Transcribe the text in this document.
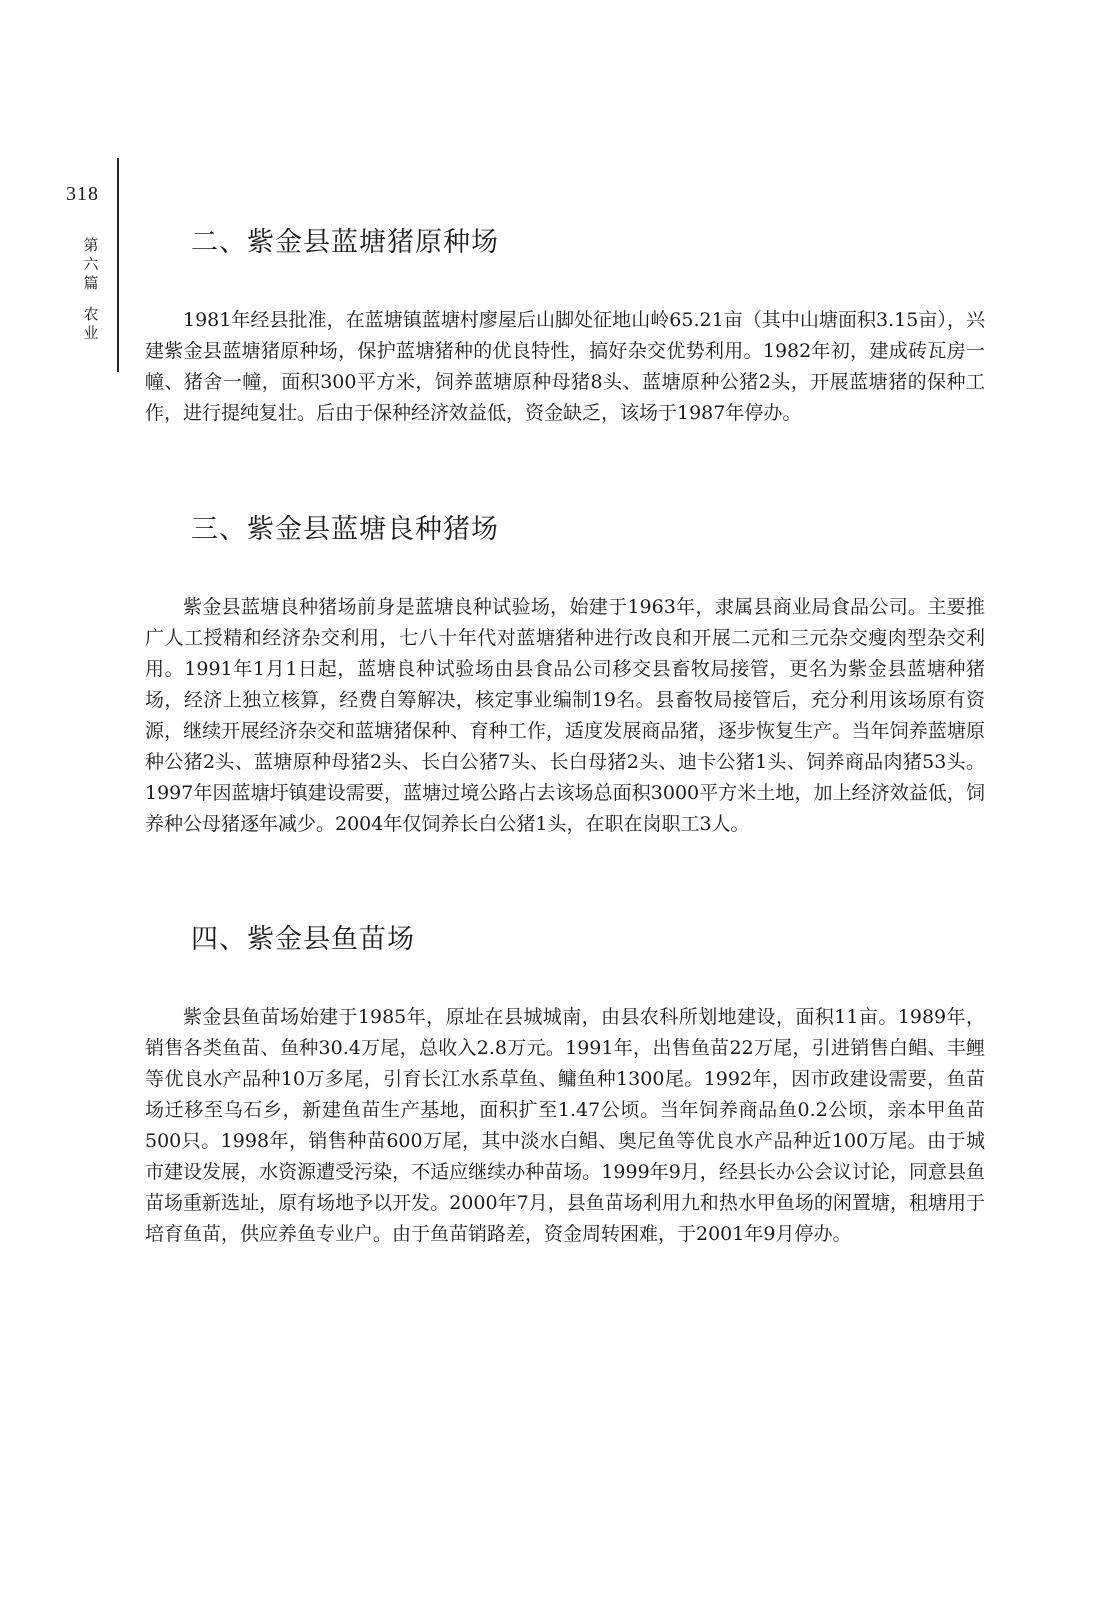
318
第
六
篇
农
业
二、紫金县蓝塘猪原种场

1981年经县批准，在蓝塘镇蓝塘村廖屋后山脚处征地山岭65.21亩（其中山塘面积3.15亩），兴建紫金县蓝塘猪原种场，保护蓝塘猪种的优良特性，搞好杂交优势利用。1982年初，建成砖瓦房一幢、猪舍一幢，面积300平方米，饲养蓝塘原种母猪8头、蓝塘原种公猪2头，开展蓝塘猪的保种工作，进行提纯复壮。后由于保种经济效益低，资金缺乏，该场于1987年停办。

三、紫金县蓝塘良种猪场

紫金县蓝塘良种猪场前身是蓝塘良种试验场，始建于1963年，隶属县商业局食品公司。主要推广人工授精和经济杂交利用，七八十年代对蓝塘猪种进行改良和开展二元和三元杂交瘦肉型杂交利用。1991年1月1日起，蓝塘良种试验场由县食品公司移交县畜牧局接管，更名为紫金县蓝塘种猪场，经济上独立核算，经费自筹解决，核定事业编制19名。县畜牧局接管后，充分利用该场原有资源，继续开展经济杂交和蓝塘猪保种、育种工作，适度发展商品猪，逐步恢复生产。当年饲养蓝塘原种公猪2头、蓝塘原种母猪2头、长白公猪7头、长白母猪2头、迪卡公猪1头、饲养商品肉猪53头。1997年因蓝塘圩镇建设需要，蓝塘过境公路占去该场总面积3000平方米土地，加上经济效益低，饲养种公母猪逐年减少。2004年仅饲养长白公猪1头，在职在岗职工3人。

四、紫金县鱼苗场

紫金县鱼苗场始建于1985年，原址在县城城南，由县农科所划地建设，面积11亩。1989年，销售各类鱼苗、鱼种30.4万尾，总收入2.8万元。1991年，出售鱼苗22万尾，引进销售白鲳、丰鲤等优良水产品种10万多尾，引育长江水系草鱼、鳙鱼种1300尾。1992年，因市政建设需要，鱼苗场迁移至乌石乡，新建鱼苗生产基地，面积扩至1.47公顷。当年饲养商品鱼0.2公顷，亲本甲鱼苗500只。1998年，销售种苗600万尾，其中淡水白鲳、奥尼鱼等优良水产品种近100万尾。由于城市建设发展，水资源遭受污染，不适应继续办种苗场。1999年9月，经县长办公会议讨论，同意县鱼苗场重新选址，原有场地予以开发。2000年7月，县鱼苗场利用九和热水甲鱼场的闲置塘，租塘用于培育鱼苗，供应养鱼专业户。由于鱼苗销路差，资金周转困难，于2001年9月停办。
